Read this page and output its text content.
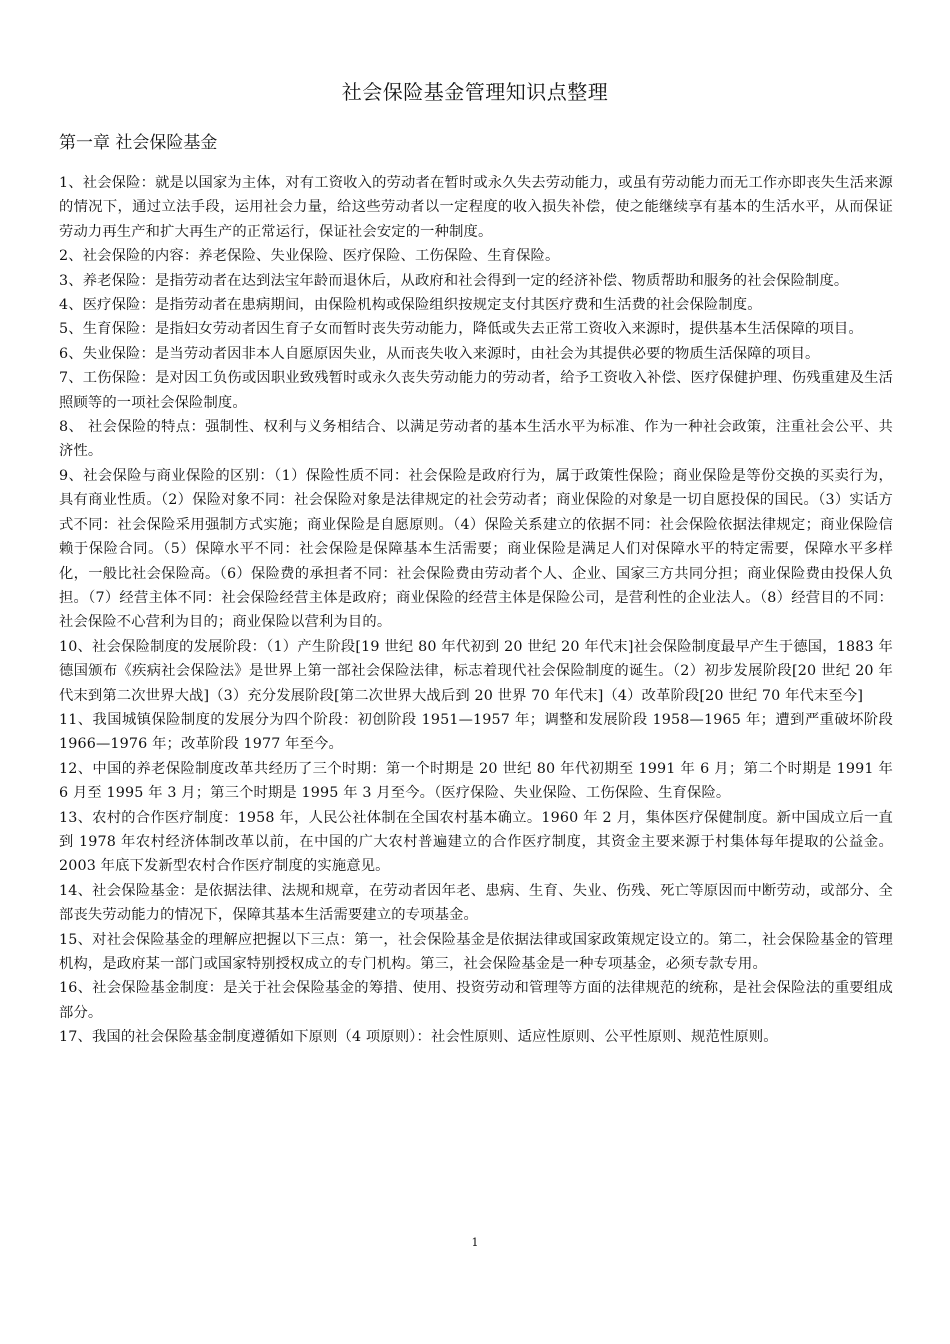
社会保险基金管理知识点整理
第一章 社会保险基金

1、社会保险：就是以国家为主体，对有工资收入的劳动者在暂时或永久失去劳动能力，或虽有劳动能力而无工作亦即丧失生活来源的情况下，通过立法手段，运用社会力量，给这些劳动者以一定程度的收入损失补偿，使之能继续享有基本的生活水平，从而保证劳动力再生产和扩大再生产的正常运行，保证社会安定的一种制度。

2、社会保险的内容：养老保险、失业保险、医疗保险、工伤保险、生育保险。

3、养老保险：是指劳动者在达到法宝年龄而退休后，从政府和社会得到一定的经济补偿、物质帮助和服务的社会保险制度。

4、医疗保险：是指劳动者在患病期间，由保险机构或保险组织按规定支付其医疗费和生活费的社会保险制度。

5、生育保险：是指妇女劳动者因生育子女而暂时丧失劳动能力，降低或失去正常工资收入来源时，提供基本生活保障的项目。

6、失业保险：是当劳动者因非本人自愿原因失业，从而丧失收入来源时，由社会为其提供必要的物质生活保障的项目。

7、工伤保险：是对因工负伤或因职业致残暂时或永久丧失劳动能力的劳动者，给予工资收入补偿、医疗保健护理、伤残重建及生活照顾等的一项社会保险制度。

8、 社会保险的特点：强制性、权利与义务相结合、以满足劳动者的基本生活水平为标准、作为一种社会政策，注重社会公平、共济性。

9、社会保险与商业保险的区别：（1）保险性质不同：社会保险是政府行为，属于政策性保险；商业保险是等份交换的买卖行为，具有商业性质。（2）保险对象不同：社会保险对象是法律规定的社会劳动者；商业保险的对象是一切自愿投保的国民。（3）实话方式不同：社会保险采用强制方式实施；商业保险是自愿原则。（4）保险关系建立的依据不同：社会保险依据法律规定；商业保险信赖于保险合同。（5）保障水平不同：社会保险是保障基本生活需要；商业保险是满足人们对保障水平的特定需要，保障水平多样化，一般比社会保险高。（6）保险费的承担者不同：社会保险费由劳动者个人、企业、国家三方共同分担；商业保险费由投保人负担。（7）经营主体不同：社会保险经营主体是政府；商业保险的经营主体是保险公司，是营利性的企业法人。（8）经营目的不同：社会保险不心营利为目的；商业保险以营利为目的。

10、社会保险制度的发展阶段：（1）产生阶段[19 世纪 80 年代初到 20 世纪 20 年代末]社会保险制度最早产生于德国，1883 年德国颁布《疾病社会保险法》是世界上第一部社会保险法律，标志着现代社会保险制度的诞生。（2）初步发展阶段[20 世纪 20 年代末到第二次世界大战]（3）充分发展阶段[第二次世界大战后到 20 世界 70 年代末]（4）改革阶段[20 世纪 70 年代末至今]

11、我国城镇保险制度的发展分为四个阶段：初创阶段 1951—1957 年；调整和发展阶段 1958—1965 年；遭到严重破坏阶段 1966—1976 年；改革阶段 1977 年至今。

12、中国的养老保险制度改革共经历了三个时期：第一个时期是 20 世纪 80 年代初期至 1991 年 6 月；第二个时期是 1991 年 6 月至 1995 年 3 月；第三个时期是 1995 年 3 月至今。（医疗保险、失业保险、工伤保险、生育保险。

13、农村的合作医疗制度：1958 年，人民公社体制在全国农村基本确立。1960 年 2 月，集体医疗保健制度。新中国成立后一直到 1978 年农村经济体制改革以前，在中国的广大农村普遍建立的合作医疗制度，其资金主要来源于村集体每年提取的公益金。2003 年底下发新型农村合作医疗制度的实施意见。

14、社会保险基金：是依据法律、法规和规章，在劳动者因年老、患病、生育、失业、伤残、死亡等原因而中断劳动，或部分、全部丧失劳动能力的情况下，保障其基本生活需要建立的专项基金。

15、对社会保险基金的理解应把握以下三点：第一，社会保险基金是依据法律或国家政策规定设立的。第二，社会保险基金的管理机构，是政府某一部门或国家特别授权成立的专门机构。第三，社会保险基金是一种专项基金，必须专款专用。

16、社会保险基金制度：是关于社会保险基金的筹措、使用、投资劳动和管理等方面的法律规范的统称，是社会保险法的重要组成部分。

17、我国的社会保险基金制度遵循如下原则（4 项原则）：社会性原则、适应性原则、公平性原则、规范性原则。

1
